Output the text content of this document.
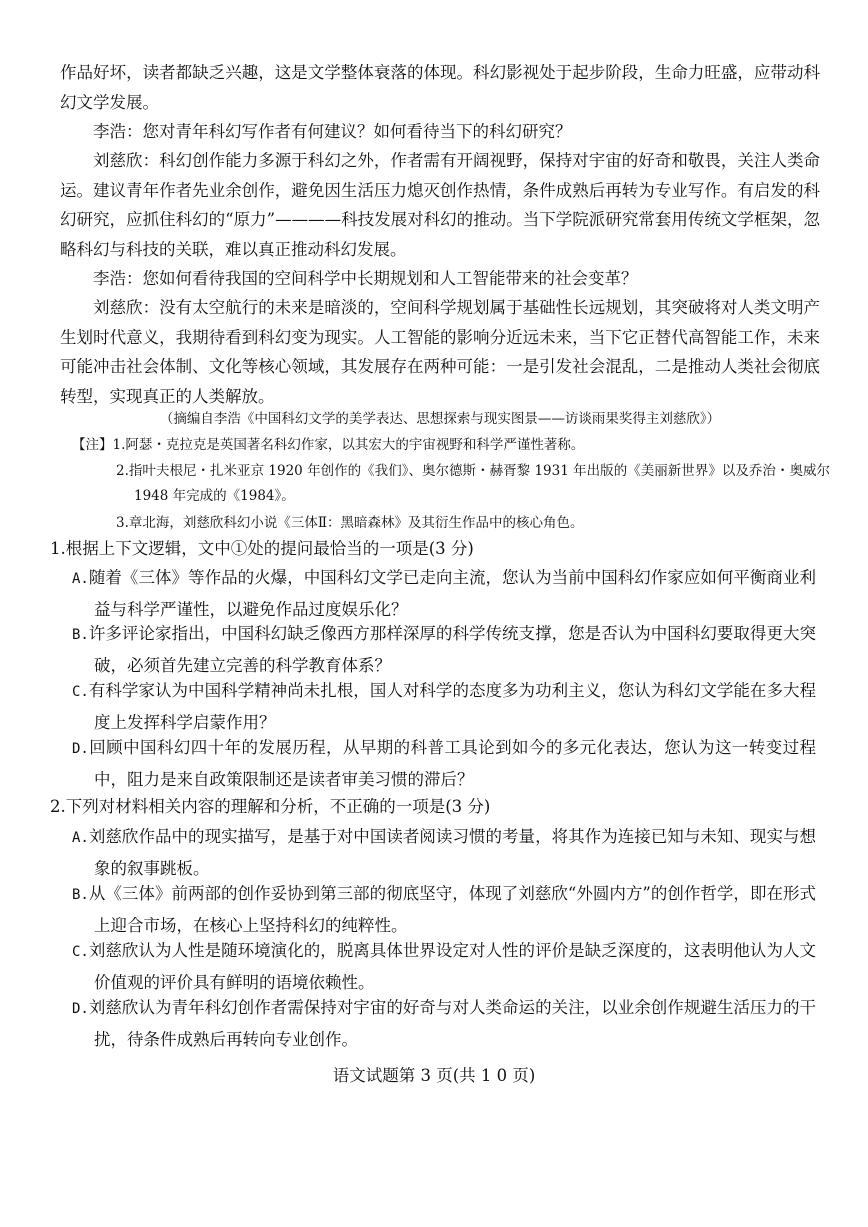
作品好坏，读者都缺乏兴趣，这是文学整体衰落的体现。科幻影视处于起步阶段，生命力旺盛，应带动科幻文学发展。

李浩：您对青年科幻写作者有何建议？如何看待当下的科幻研究？

刘慈欣：科幻创作能力多源于科幻之外，作者需有开阔视野，保持对宇宙的好奇和敬畏，关注人类命运。建议青年作者先业余创作，避免因生活压力熄灭创作热情，条件成熟后再转为专业写作。有启发的科幻研究，应抓住科幻的“原力”————科技发展对科幻的推动。当下学院派研究常套用传统文学框架，忽略科幻与科技的关联，难以真正推动科幻发展。

李浩：您如何看待我国的空间科学中长期规划和人工智能带来的社会变革？

刘慈欣：没有太空航行的未来是暗淡的，空间科学规划属于基础性长远规划，其突破将对人类文明产生划时代意义，我期待看到科幻变为现实。人工智能的影响分近远未来，当下它正替代高智能工作，未来可能冲击社会体制、文化等核心领域，其发展存在两种可能：一是引发社会混乱，二是推动人类社会彻底转型，实现真正的人类解放。

（摘编自李浩《中国科幻文学的美学表达、思想探索与现实图景——访谈雨果奖得主刘慈欣》）

【注】1.阿瑟・克拉克是英国著名科幻作家，以其宏大的宇宙视野和科学严谨性著称。

2.指叶夫根尼・扎米亚京 1920 年创作的《我们》、奥尔德斯・赫胥黎 1931 年出版的《美丽新世界》以及乔治・奥威尔 1948 年完成的《1984》。

3.章北海，刘慈欣科幻小说《三体Ⅱ：黑暗森林》及其衍生作品中的核心角色。

1.根据上下文逻辑，文中①处的提问最恰当的一项是(3 分)

A.随着《三体》等作品的火爆，中国科幻文学已走向主流，您认为当前中国科幻作家应如何平衡商业利益与科学严谨性，以避免作品过度娱乐化？

B.许多评论家指出，中国科幻缺乏像西方那样深厚的科学传统支撑，您是否认为中国科幻要取得更大突破，必须首先建立完善的科学教育体系？

C.有科学家认为中国科学精神尚未扎根，国人对科学的态度多为功利主义，您认为科幻文学能在多大程度上发挥科学启蒙作用？

D.回顾中国科幻四十年的发展历程，从早期的科普工具论到如今的多元化表达，您认为这一转变过程中，阻力是来自政策限制还是读者审美习惯的滞后？

2.下列对材料相关内容的理解和分析，不正确的一项是(3 分)

A.刘慈欣作品中的现实描写，是基于对中国读者阅读习惯的考量，将其作为连接已知与未知、现实与想象的叙事跳板。

B.从《三体》前两部的创作妥协到第三部的彻底坚守，体现了刘慈欣“外圆内方”的创作哲学，即在形式上迎合市场，在核心上坚持科幻的纯粹性。

C.刘慈欣认为人性是随环境演化的，脱离具体世界设定对人性的评价是缺乏深度的，这表明他认为人文价值观的评价具有鲜明的语境依赖性。

D.刘慈欣认为青年科幻创作者需保持对宇宙的好奇与对人类命运的关注，以业余创作规避生活压力的干扰，待条件成熟后再转向专业创作。

语文试题第 3 页(共 1 0 页)
